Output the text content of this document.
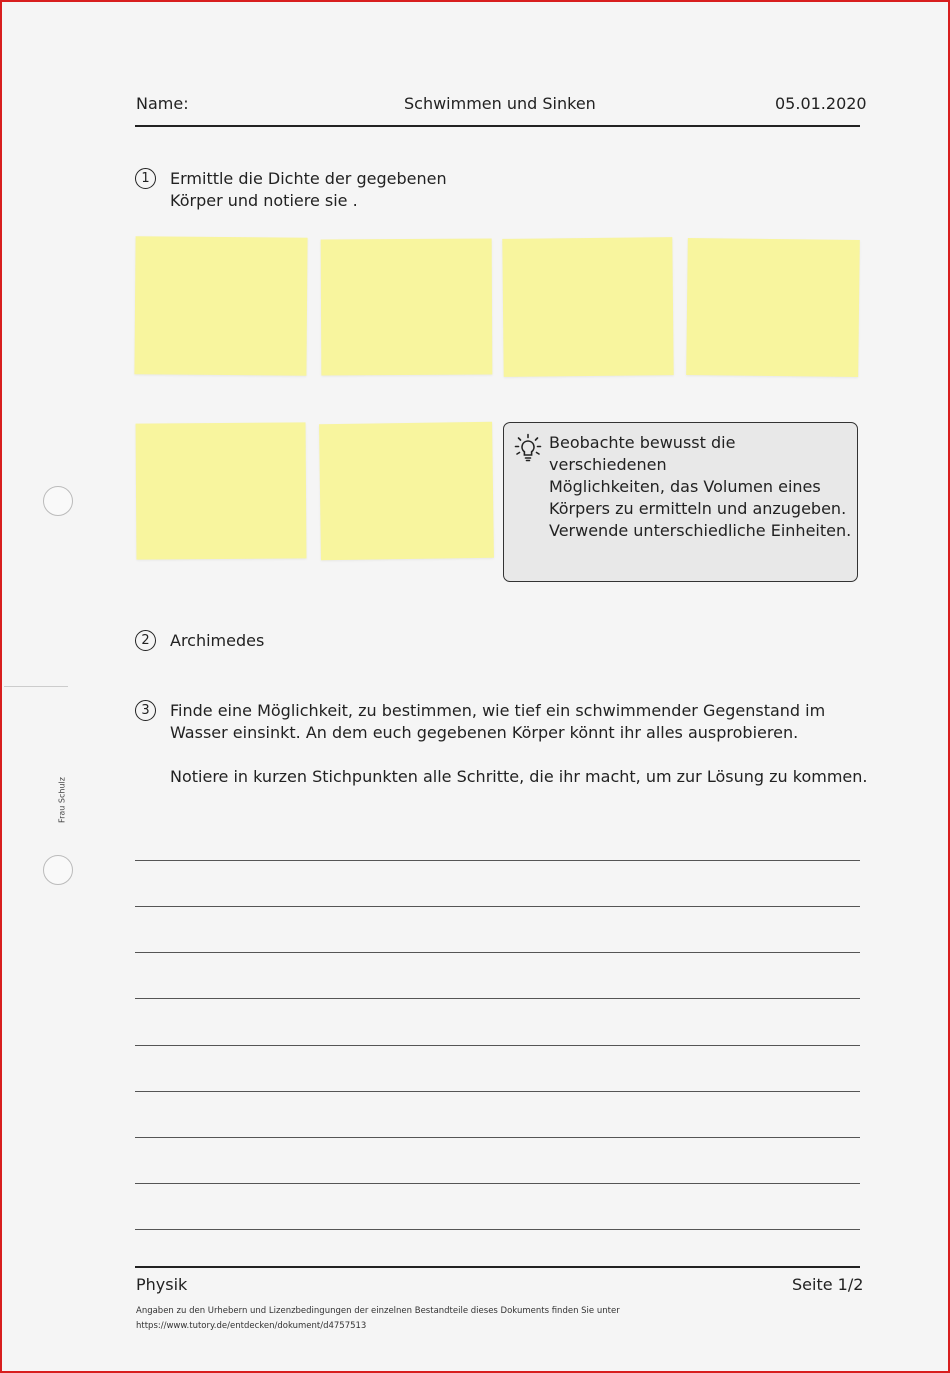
Name:	Schwimmen und Sinken	05.01.2020
1	Ermittle die Dichte der gegebenen
Körper und notiere sie .
Beobachte bewusst die verschiedenen
Möglichkeiten, das Volumen eines
Körpers zu ermitteln und anzugeben.
Verwende unterschiedliche Einheiten.
2	Archimedes
3	Finde eine Möglichkeit, zu bestimmen, wie tief ein schwimmender Gegenstand im
Wasser einsinkt. An dem euch gegebenen Körper könnt ihr alles ausprobieren.
Notiere in kurzen Stichpunkten alle Schritte, die ihr macht, um zur Lösung zu kommen.
Frau Schulz
Physik	Seite 1/2
Angaben zu den Urhebern und Lizenzbedingungen der einzelnen Bestandteile dieses Dokuments finden Sie unter
https://www.tutory.de/entdecken/dokument/d4757513
